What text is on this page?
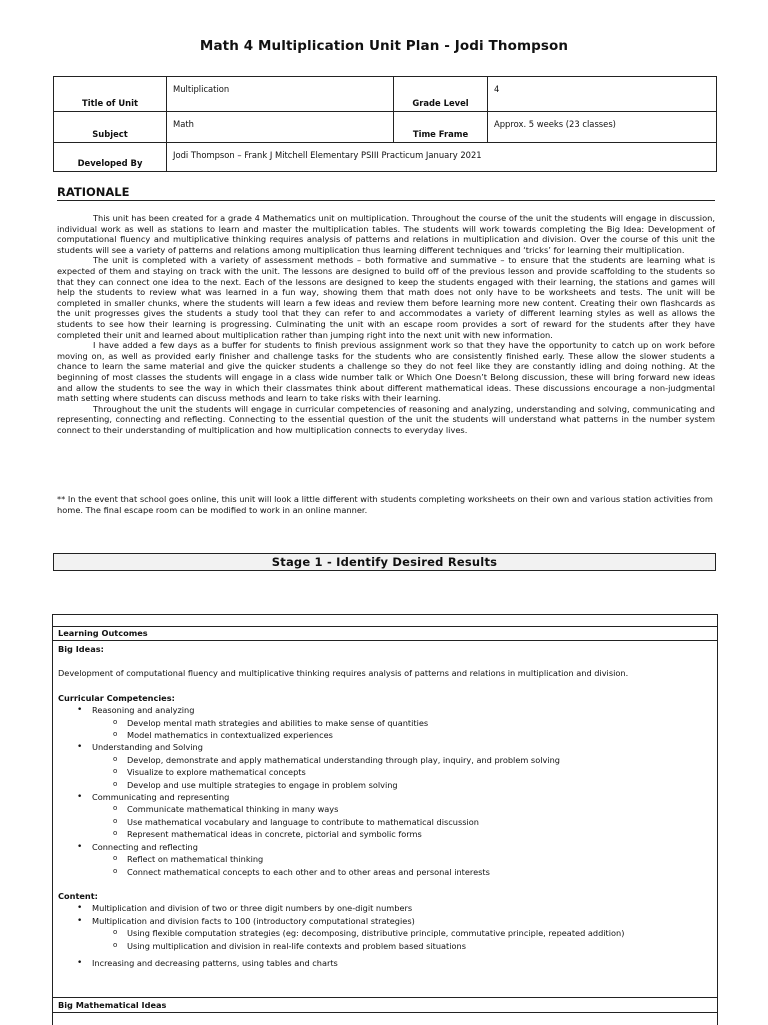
Math 4 Multiplication Unit Plan - Jodi Thompson
Title of Unit	Multiplication	Grade Level	4

Subject	Math	Time Frame	Approx. 5 weeks (23 classes)

Developed By	Jodi Thompson – Frank J Mitchell Elementary PSIII Practicum January 2021		
RATIONALE

This unit has been created for a grade 4 Mathematics unit on multiplication. Throughout the course of the unit the students will engage in discussion, individual work as well as stations to learn and master the multiplication tables. The students will work towards completing the Big Idea: Development of computational fluency and multiplicative thinking requires analysis of patterns and relations in multiplication and division. Over the course of this unit the students will see a variety of patterns and relations among multiplication thus learning different techniques and ‘tricks’ for learning their multiplication.

The unit is completed with a variety of assessment methods – both formative and summative – to ensure that the students are learning what is expected of them and staying on track with the unit. The lessons are designed to build off of the previous lesson and provide scaffolding to the students so that they can connect one idea to the next. Each of the lessons are designed to keep the students engaged with their learning, the stations and games will help the students to review what was learned in a fun way, showing them that math does not only have to be worksheets and tests. The unit will be completed in smaller chunks, where the students will learn a few ideas and review them before learning more new content. Creating their own flashcards as the unit progresses gives the students a study tool that they can refer to and accommodates a variety of different learning styles as well as allows the students to see how their learning is progressing. Culminating the unit with an escape room provides a sort of reward for the students after they have completed their unit and learned about multiplication rather than jumping right into the next unit with new information.

I have added a few days as a buffer for students to finish previous assignment work so that they have the opportunity to catch up on work before moving on, as well as provided early finisher and challenge tasks for the students who are consistently finished early. These allow the slower students a chance to learn the same material and give the quicker students a challenge so they do not feel like they are constantly idling and doing nothing. At the beginning of most classes the students will engage in a class wide number talk or Which One Doesn’t Belong discussion, these will bring forward new ideas and allow the students to see the way in which their classmates think about different mathematical ideas. These discussions encourage a non-judgmental math setting where students can discuss methods and learn to take risks with their learning.

Throughout the unit the students will engage in curricular competencies of reasoning and analyzing, understanding and solving, communicating and representing, connecting and reflecting. Connecting to the essential question of the unit the students will understand what patterns in the number system connect to their understanding of multiplication and how multiplication connects to everyday lives.

** In the event that school goes online, this unit will look a little different with students completing worksheets on their own and various station activities from home. The final escape room can be modified to work in an online manner.
Stage 1 - Identify Desired Results
Learning Outcomes
Big Ideas:
Development of computational fluency and multiplicative thinking requires analysis of patterns and relations in multiplication and division.
Curricular Competencies:
• Reasoning and analyzing
o Develop mental math strategies and abilities to make sense of quantities
o Model mathematics in contextualized experiences
• Understanding and Solving
o Develop, demonstrate and apply mathematical understanding through play, inquiry, and problem solving
o Visualize to explore mathematical concepts
o Develop and use multiple strategies to engage in problem solving
• Communicating and representing
o Communicate mathematical thinking in many ways
o Use mathematical vocabulary and language to contribute to mathematical discussion
o Represent mathematical ideas in concrete, pictorial and symbolic forms
• Connecting and reflecting
o Reflect on mathematical thinking
o Connect mathematical concepts to each other and to other areas and personal interests
Content:
• Multiplication and division of two or three digit numbers by one-digit numbers
• Multiplication and division facts to 100 (introductory computational strategies)
o Using flexible computation strategies (eg: decomposing, distributive principle, commutative principle, repeated addition)
o Using multiplication and division in real-life contexts and problem based situations
• Increasing and decreasing patterns, using tables and charts
Big Mathematical Ideas
